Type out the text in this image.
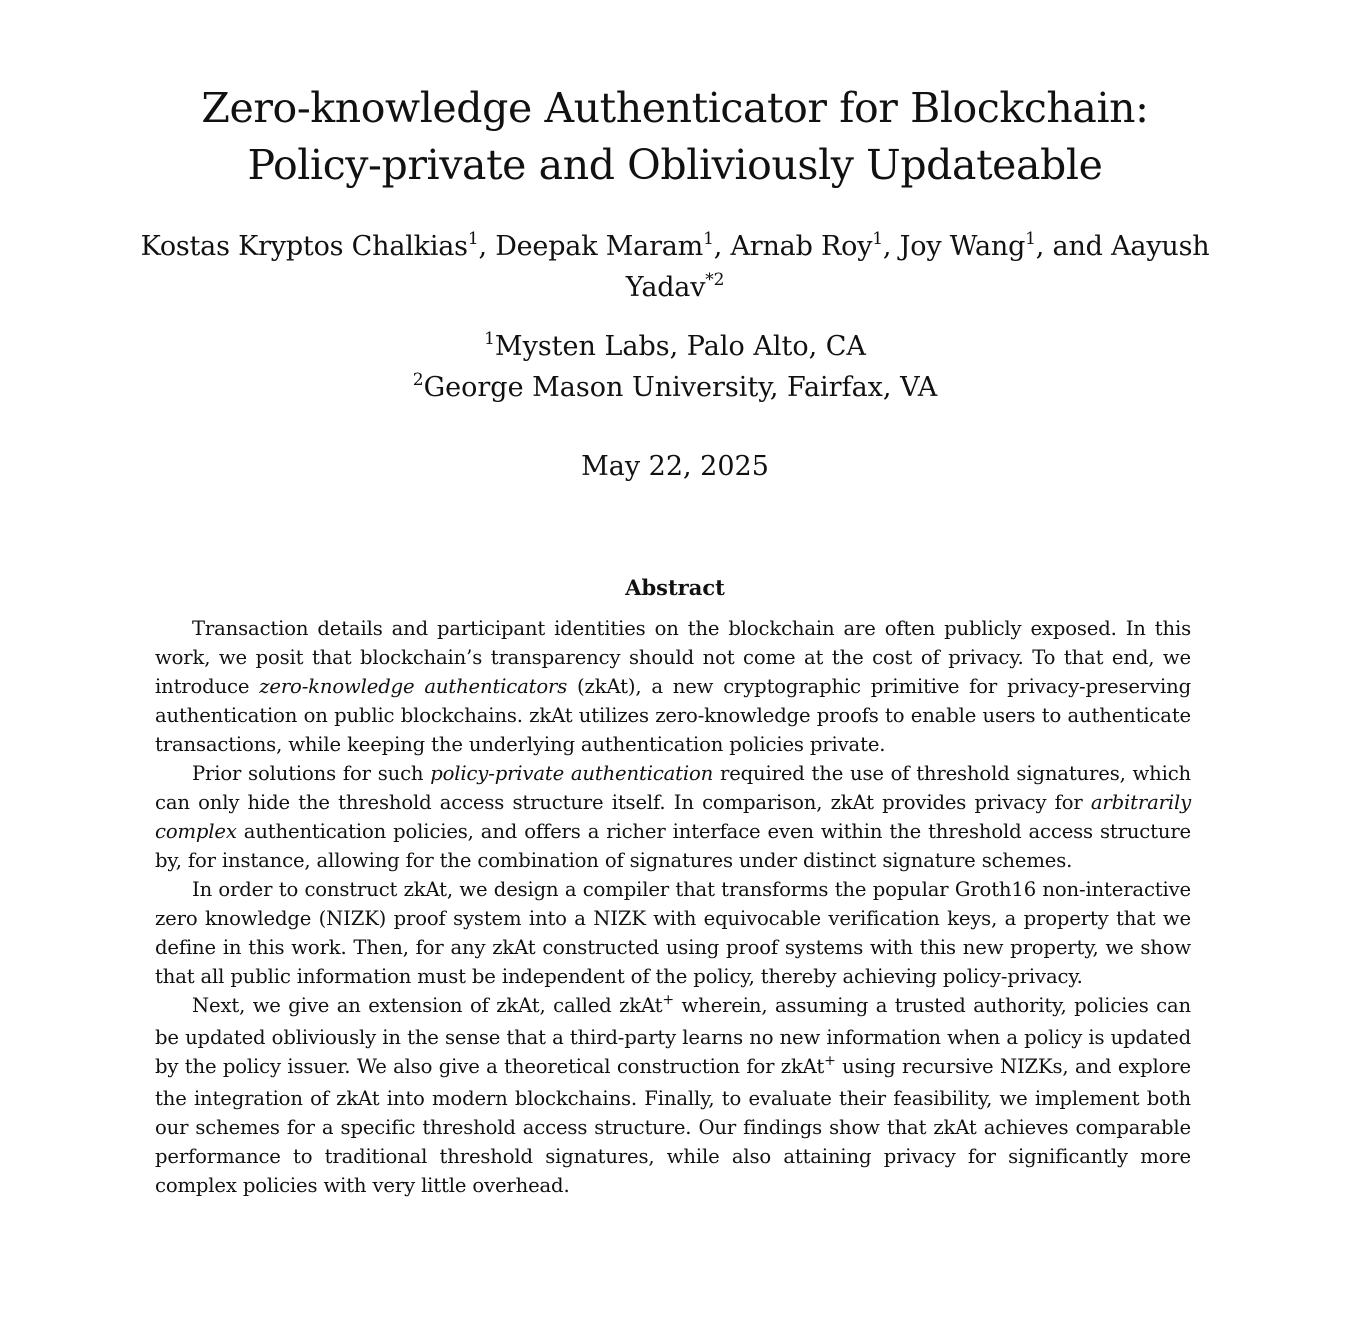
Zero-knowledge Authenticator for Blockchain:
Policy-private and Obliviously Updateable
Kostas Kryptos Chalkias$^1$, Deepak Maram$^1$, Arnab Roy$^1$, Joy Wang$^1$, and Aayush Yadav$^{*2}$
$^1$Mysten Labs, Palo Alto, CA
$^2$George Mason University, Fairfax, VA
May 22, 2025
Abstract

Transaction details and participant identities on the blockchain are often publicly exposed. In this work, we posit that blockchain’s transparency should not come at the cost of privacy. To that end, we introduce zero-knowledge authenticators (zkAt), a new cryptographic primitive for privacy-preserving authentication on public blockchains. zkAt utilizes zero-knowledge proofs to enable users to authenticate transactions, while keeping the underlying authentication policies private.

Prior solutions for such policy-private authentication required the use of threshold signatures, which can only hide the threshold access structure itself. In comparison, zkAt provides privacy for arbitrarily complex authentication policies, and offers a richer interface even within the threshold access structure by, for instance, allowing for the combination of signatures under distinct signature schemes.

In order to construct zkAt, we design a compiler that transforms the popular Groth16 non-interactive zero knowledge (NIZK) proof system into a NIZK with equivocable verification keys, a property that we define in this work. Then, for any zkAt constructed using proof systems with this new property, we show that all public information must be independent of the policy, thereby achieving policy-privacy.

Next, we give an extension of zkAt, called zkAt+ wherein, assuming a trusted authority, policies can be updated obliviously in the sense that a third-party learns no new information when a policy is updated by the policy issuer. We also give a theoretical construction for zkAt+ using recursive NIZKs, and explore the integration of zkAt into modern blockchains. Finally, to evaluate their feasibility, we implement both our schemes for a specific threshold access structure. Our findings show that zkAt achieves comparable performance to traditional threshold signatures, while also attaining privacy for significantly more complex policies with very little overhead.
